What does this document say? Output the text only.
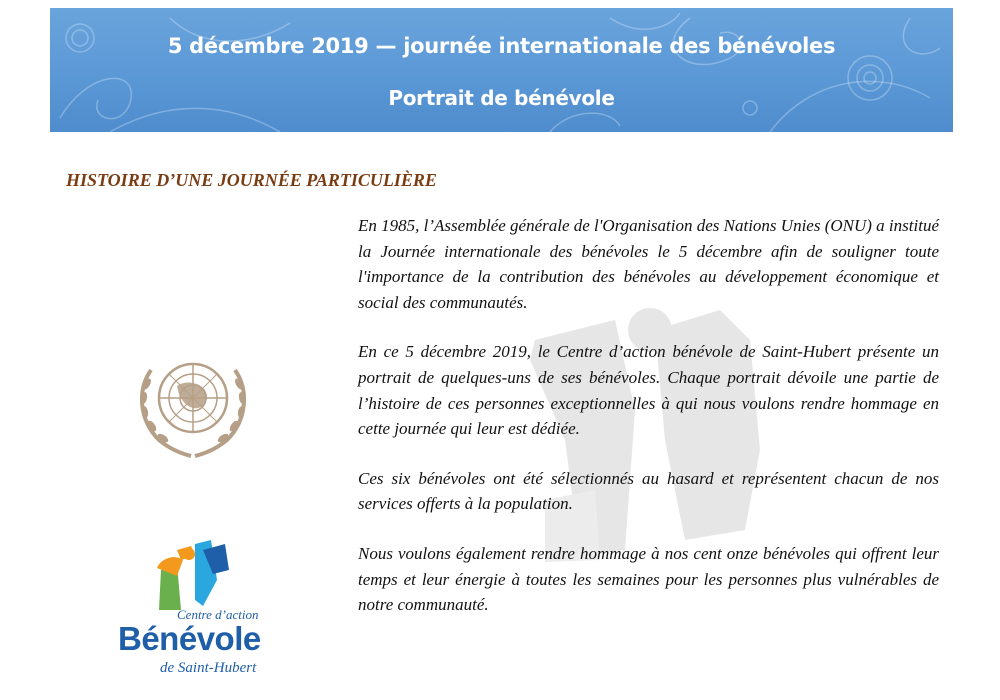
5 décembre 2019 — journée internationale des bénévoles
Portrait de bénévole
HISTOIRE D’UNE JOURNÉE PARTICULIÈRE

En 1985, l’Assemblée générale de l'Organisation des Nations Unies (ONU) a institué la Journée internationale des bénévoles le 5 décembre afin de souligner toute l'importance de la contribution des bénévoles au développement économique et social des communautés.

En ce 5 décembre 2019, le Centre d’action bénévole de Saint-Hubert présente un portrait de quelques-uns de ses bénévoles. Chaque portrait dévoile une partie de l’histoire de ces personnes exceptionnelles à qui nous voulons rendre hommage en cette journée qui leur est dédiée.

Ces six bénévoles ont été sélectionnés au hasard et représentent chacun de nos services offerts à la population.

Nous voulons également rendre hommage à nos cent onze bénévoles qui offrent leur temps et leur énergie à toutes les semaines pour les personnes plus vulnérables de notre communauté.

Centre d’action
Bénévole
de Saint-Hubert
